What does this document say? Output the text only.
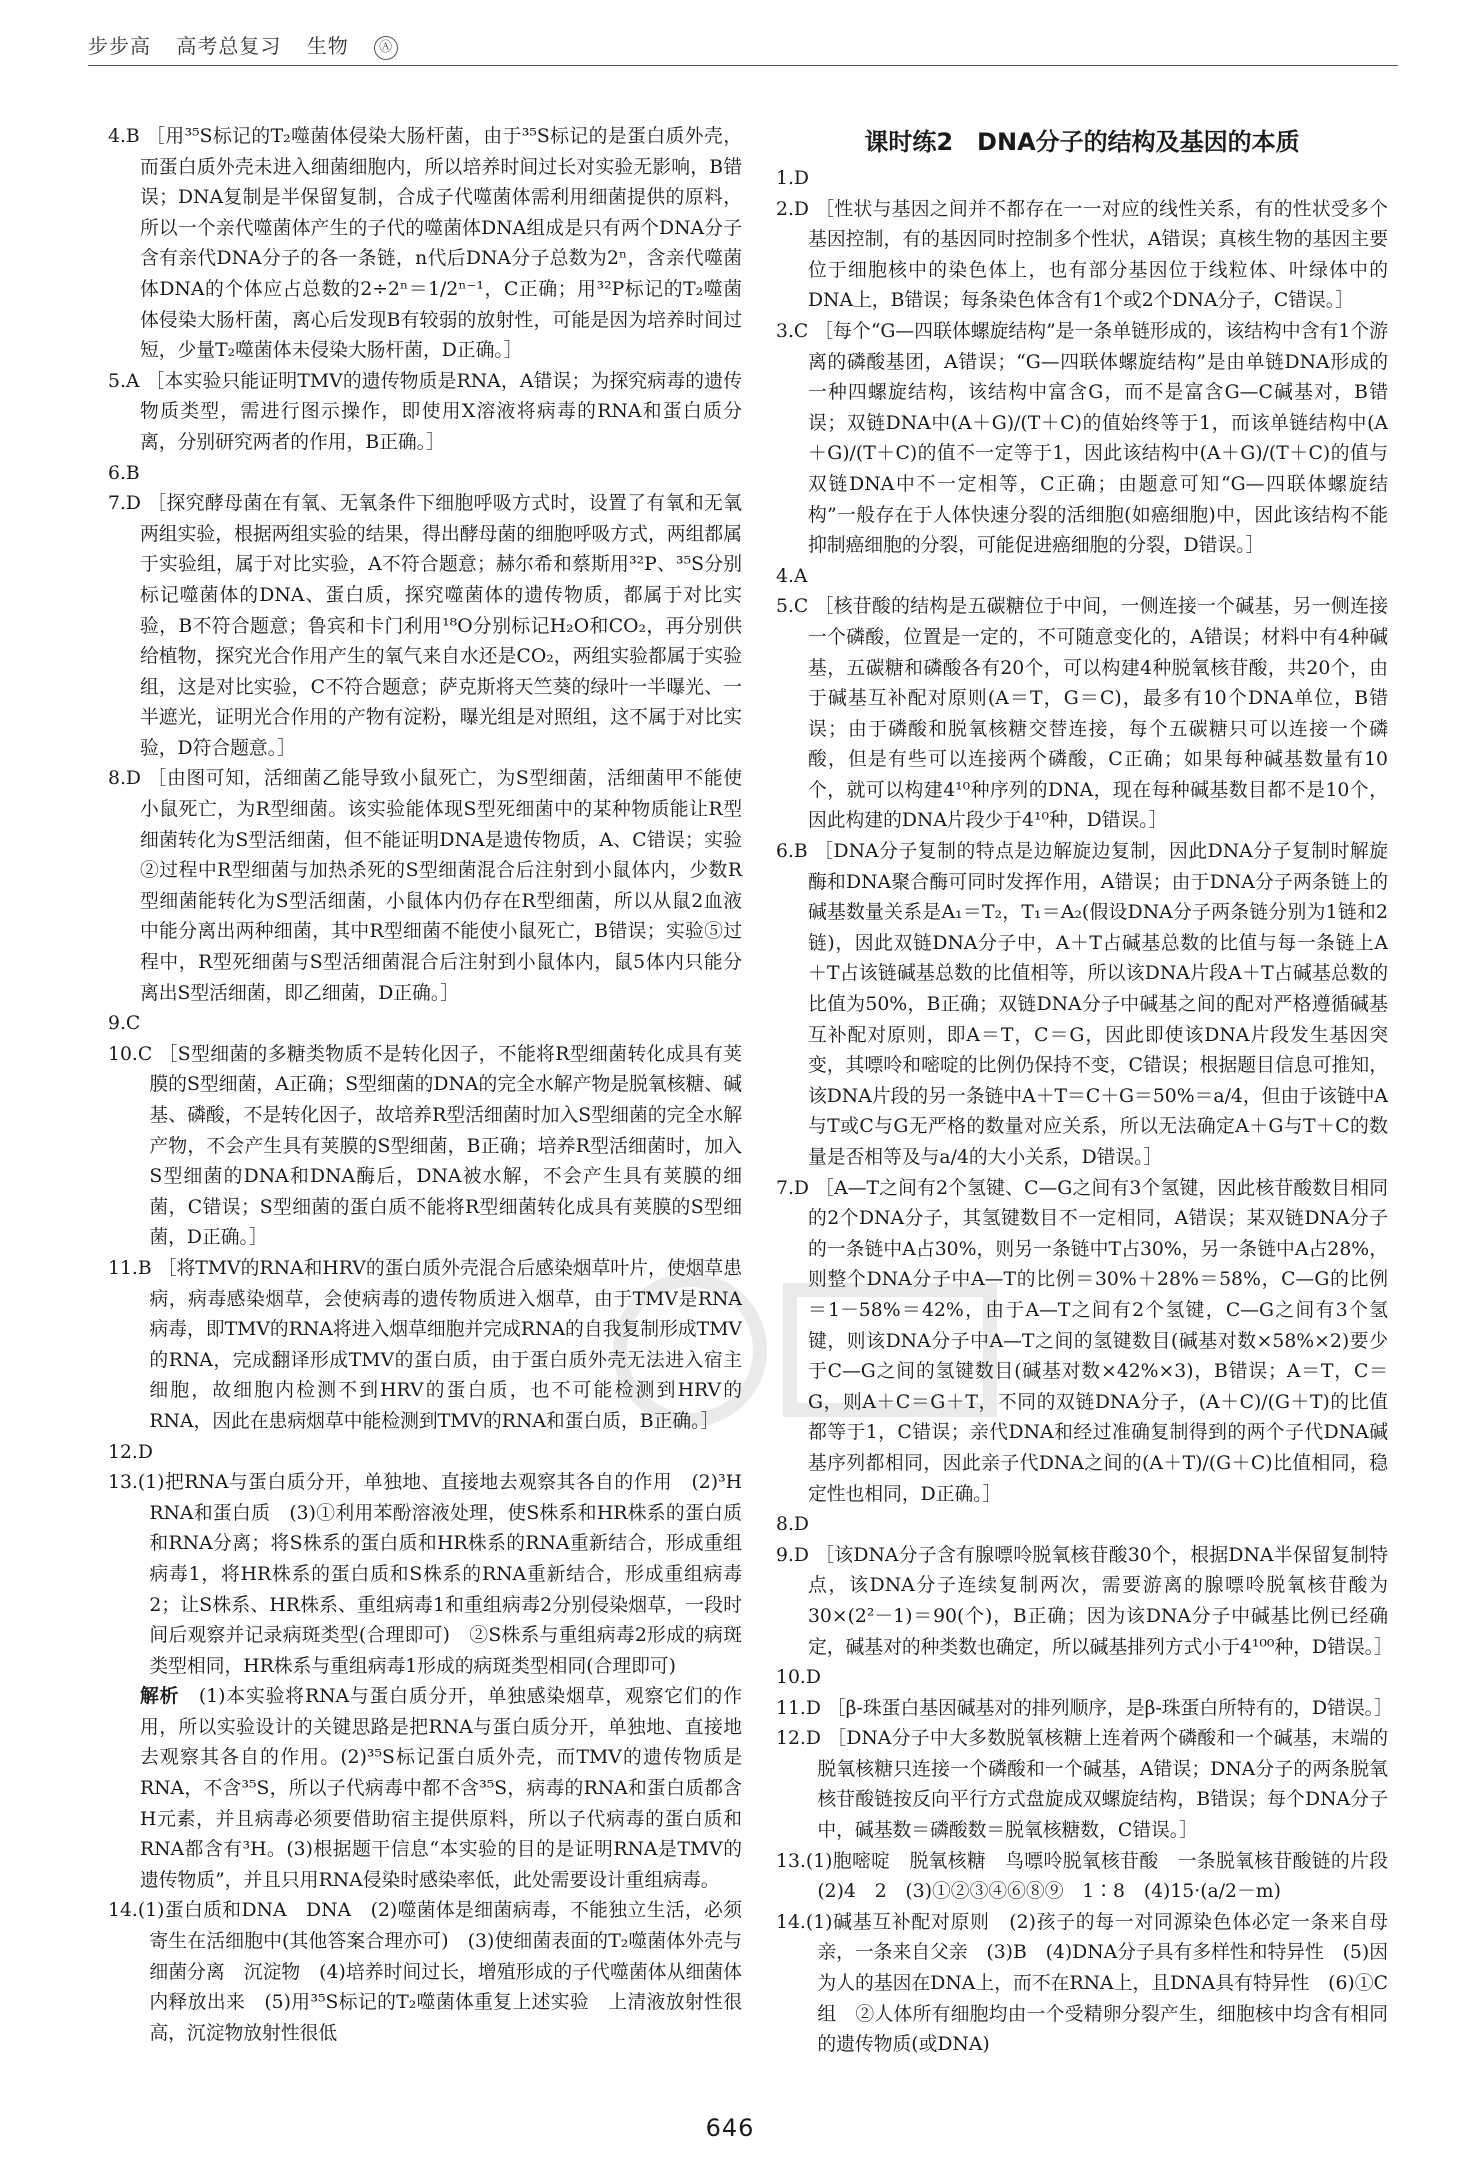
步步高 高考总复习 生物 Ⓐ

4.B ［用³⁵S标记的T₂噬菌体侵染大肠杆菌，由于³⁵S标记的是蛋白质外壳，而蛋白质外壳未进入细菌细胞内，所以培养时间过长对实验无影响，B错误；DNA复制是半保留复制，合成子代噬菌体需利用细菌提供的原料，所以一个亲代噬菌体产生的子代的噬菌体DNA组成是只有两个DNA分子含有亲代DNA分子的各一条链，n代后DNA分子总数为2ⁿ，含亲代噬菌体DNA的个体应占总数的2÷2ⁿ＝1/2ⁿ⁻¹，C正确；用³²P标记的T₂噬菌体侵染大肠杆菌，离心后发现B有较弱的放射性，可能是因为培养时间过短，少量T₂噬菌体未侵染大肠杆菌，D正确。］

5.A ［本实验只能证明TMV的遗传物质是RNA，A错误；为探究病毒的遗传物质类型，需进行图示操作，即使用X溶液将病毒的RNA和蛋白质分离，分别研究两者的作用，B正确。］

6.B

7.D ［探究酵母菌在有氧、无氧条件下细胞呼吸方式时，设置了有氧和无氧两组实验，根据两组实验的结果，得出酵母菌的细胞呼吸方式，两组都属于实验组，属于对比实验，A不符合题意；赫尔希和蔡斯用³²P、³⁵S分别标记噬菌体的DNA、蛋白质，探究噬菌体的遗传物质，都属于对比实验，B不符合题意；鲁宾和卡门利用¹⁸O分别标记H₂O和CO₂，再分别供给植物，探究光合作用产生的氧气来自水还是CO₂，两组实验都属于实验组，这是对比实验，C不符合题意；萨克斯将天竺葵的绿叶一半曝光、一半遮光，证明光合作用的产物有淀粉，曝光组是对照组，这不属于对比实验，D符合题意。］

8.D ［由图可知，活细菌乙能导致小鼠死亡，为S型细菌，活细菌甲不能使小鼠死亡，为R型细菌。该实验能体现S型死细菌中的某种物质能让R型细菌转化为S型活细菌，但不能证明DNA是遗传物质，A、C错误；实验②过程中R型细菌与加热杀死的S型细菌混合后注射到小鼠体内，少数R型细菌能转化为S型活细菌，小鼠体内仍存在R型细菌，所以从鼠2血液中能分离出两种细菌，其中R型细菌不能使小鼠死亡，B错误；实验⑤过程中，R型死细菌与S型活细菌混合后注射到小鼠体内，鼠5体内只能分离出S型活细菌，即乙细菌，D正确。］

9.C

10.C ［S型细菌的多糖类物质不是转化因子，不能将R型细菌转化成具有荚膜的S型细菌，A正确；S型细菌的DNA的完全水解产物是脱氧核糖、碱基、磷酸，不是转化因子，故培养R型活细菌时加入S型细菌的完全水解产物，不会产生具有荚膜的S型细菌，B正确；培养R型活细菌时，加入S型细菌的DNA和DNA酶后，DNA被水解，不会产生具有荚膜的细菌，C错误；S型细菌的蛋白质不能将R型细菌转化成具有荚膜的S型细菌，D正确。］

11.B ［将TMV的RNA和HRV的蛋白质外壳混合后感染烟草叶片，使烟草患病，病毒感染烟草，会使病毒的遗传物质进入烟草，由于TMV是RNA病毒，即TMV的RNA将进入烟草细胞并完成RNA的自我复制形成TMV的RNA，完成翻译形成TMV的蛋白质，由于蛋白质外壳无法进入宿主细胞，故细胞内检测不到HRV的蛋白质，也不可能检测到HRV的RNA，因此在患病烟草中能检测到TMV的RNA和蛋白质，B正确。］

12.D

13.(1)把RNA与蛋白质分开，单独地、直接地去观察其各自的作用　(2)³H　RNA和蛋白质　(3)①利用苯酚溶液处理，使S株系和HR株系的蛋白质和RNA分离；将S株系的蛋白质和HR株系的RNA重新结合，形成重组病毒1，将HR株系的蛋白质和S株系的RNA重新结合，形成重组病毒2；让S株系、HR株系、重组病毒1和重组病毒2分别侵染烟草，一段时间后观察并记录病斑类型(合理即可)　②S株系与重组病毒2形成的病斑类型相同，HR株系与重组病毒1形成的病斑类型相同(合理即可)

解析　 (1)本实验将RNA与蛋白质分开，单独感染烟草，观察它们的作用，所以实验设计的关键思路是把RNA与蛋白质分开，单独地、直接地去观察其各自的作用。(2)³⁵S标记蛋白质外壳，而TMV的遗传物质是RNA，不含³⁵S，所以子代病毒中都不含³⁵S，病毒的RNA和蛋白质都含H元素，并且病毒必须要借助宿主提供原料，所以子代病毒的蛋白质和RNA都含有³H。(3)根据题干信息“本实验的目的是证明RNA是TMV的遗传物质”，并且只用RNA侵染时感染率低，此处需要设计重组病毒。

14.(1)蛋白质和DNA　DNA　(2)噬菌体是细菌病毒，不能独立生活，必须寄生在活细胞中(其他答案合理亦可)　(3)使细菌表面的T₂噬菌体外壳与细菌分离　沉淀物　(4)培养时间过长，增殖形成的子代噬菌体从细菌体内释放出来　(5)用³⁵S标记的T₂噬菌体重复上述实验　上清液放射性很高，沉淀物放射性很低

课时练2　DNA分子的结构及基因的本质

1.D

2.D ［性状与基因之间并不都存在一一对应的线性关系，有的性状受多个基因控制，有的基因同时控制多个性状，A错误；真核生物的基因主要位于细胞核中的染色体上，也有部分基因位于线粒体、叶绿体中的DNA上，B错误；每条染色体含有1个或2个DNA分子，C错误。］

3.C ［每个“G—四联体螺旋结构”是一条单链形成的，该结构中含有1个游离的磷酸基团，A错误；“G—四联体螺旋结构”是由单链DNA形成的一种四螺旋结构，该结构中富含G，而不是富含G—C碱基对，B错误；双链DNA中(A＋G)/(T＋C)的值始终等于1，而该单链结构中(A＋G)/(T＋C)的值不一定等于1，因此该结构中(A＋G)/(T＋C)的值与双链DNA中不一定相等，C正确；由题意可知“G—四联体螺旋结构”一般存在于人体快速分裂的活细胞(如癌细胞)中，因此该结构不能抑制癌细胞的分裂，可能促进癌细胞的分裂，D错误。］

4.A

5.C ［核苷酸的结构是五碳糖位于中间，一侧连接一个碱基，另一侧连接一个磷酸，位置是一定的，不可随意变化的，A错误；材料中有4种碱基，五碳糖和磷酸各有20个，可以构建4种脱氧核苷酸，共20个，由于碱基互补配对原则(A＝T，G＝C)，最多有10个DNA单位，B错误；由于磷酸和脱氧核糖交替连接，每个五碳糖只可以连接一个磷酸，但是有些可以连接两个磷酸，C正确；如果每种碱基数量有10个，就可以构建4¹⁰种序列的DNA，现在每种碱基数目都不是10个，因此构建的DNA片段少于4¹⁰种，D错误。］

6.B ［DNA分子复制的特点是边解旋边复制，因此DNA分子复制时解旋酶和DNA聚合酶可同时发挥作用，A错误；由于DNA分子两条链上的碱基数量关系是A₁＝T₂，T₁＝A₂(假设DNA分子两条链分别为1链和2链)，因此双链DNA分子中，A＋T占碱基总数的比值与每一条链上A＋T占该链碱基总数的比值相等，所以该DNA片段A＋T占碱基总数的比值为50%，B正确；双链DNA分子中碱基之间的配对严格遵循碱基互补配对原则，即A＝T，C＝G，因此即使该DNA片段发生基因突变，其嘌呤和嘧啶的比例仍保持不变，C错误；根据题目信息可推知，该DNA片段的另一条链中A＋T＝C＋G＝50%＝a/4，但由于该链中A与T或C与G无严格的数量对应关系，所以无法确定A＋G与T＋C的数量是否相等及与a/4的大小关系，D错误。］

7.D ［A—T之间有2个氢键、C—G之间有3个氢键，因此核苷酸数目相同的2个DNA分子，其氢键数目不一定相同，A错误；某双链DNA分子的一条链中A占30%，则另一条链中T占30%，另一条链中A占28%，则整个DNA分子中A—T的比例＝30%＋28%＝58%，C—G的比例＝1－58%＝42%，由于A—T之间有2个氢键，C—G之间有3个氢键，则该DNA分子中A—T之间的氢键数目(碱基对数×58%×2)要少于C—G之间的氢键数目(碱基对数×42%×3)，B错误；A＝T，C＝G，则A＋C＝G＋T，不同的双链DNA分子，(A＋C)/(G＋T)的比值都等于1，C错误；亲代DNA和经过准确复制得到的两个子代DNA碱基序列都相同，因此亲子代DNA之间的(A＋T)/(G＋C)比值相同，稳定性也相同，D正确。］

8.D

9.D ［该DNA分子含有腺嘌呤脱氧核苷酸30个，根据DNA半保留复制特点，该DNA分子连续复制两次，需要游离的腺嘌呤脱氧核苷酸为30×(2²－1)＝90(个)，B正确；因为该DNA分子中碱基比例已经确定，碱基对的种类数也确定，所以碱基排列方式小于4¹⁰⁰种，D错误。］

10.D

11.D ［β-珠蛋白基因碱基对的排列顺序，是β-珠蛋白所特有的，D错误。］

12.D ［DNA分子中大多数脱氧核糖上连着两个磷酸和一个碱基，末端的脱氧核糖只连接一个磷酸和一个碱基，A错误；DNA分子的两条脱氧核苷酸链按反向平行方式盘旋成双螺旋结构，B错误；每个DNA分子中，碱基数＝磷酸数＝脱氧核糖数，C错误。］

13.(1)胞嘧啶　脱氧核糖　鸟嘌呤脱氧核苷酸　一条脱氧核苷酸链的片段　(2)4　2　(3)①②③④⑥⑧⑨　1∶8　(4)15·(a/2－m)

14.(1)碱基互补配对原则　(2)孩子的每一对同源染色体必定一条来自母亲，一条来自父亲　(3)B　(4)DNA分子具有多样性和特异性　(5)因为人的基因在DNA上，而不在RNA上，且DNA具有特异性　(6)①C组　②人体所有细胞均由一个受精卵分裂产生，细胞核中均含有相同的遗传物质(或DNA)

646
